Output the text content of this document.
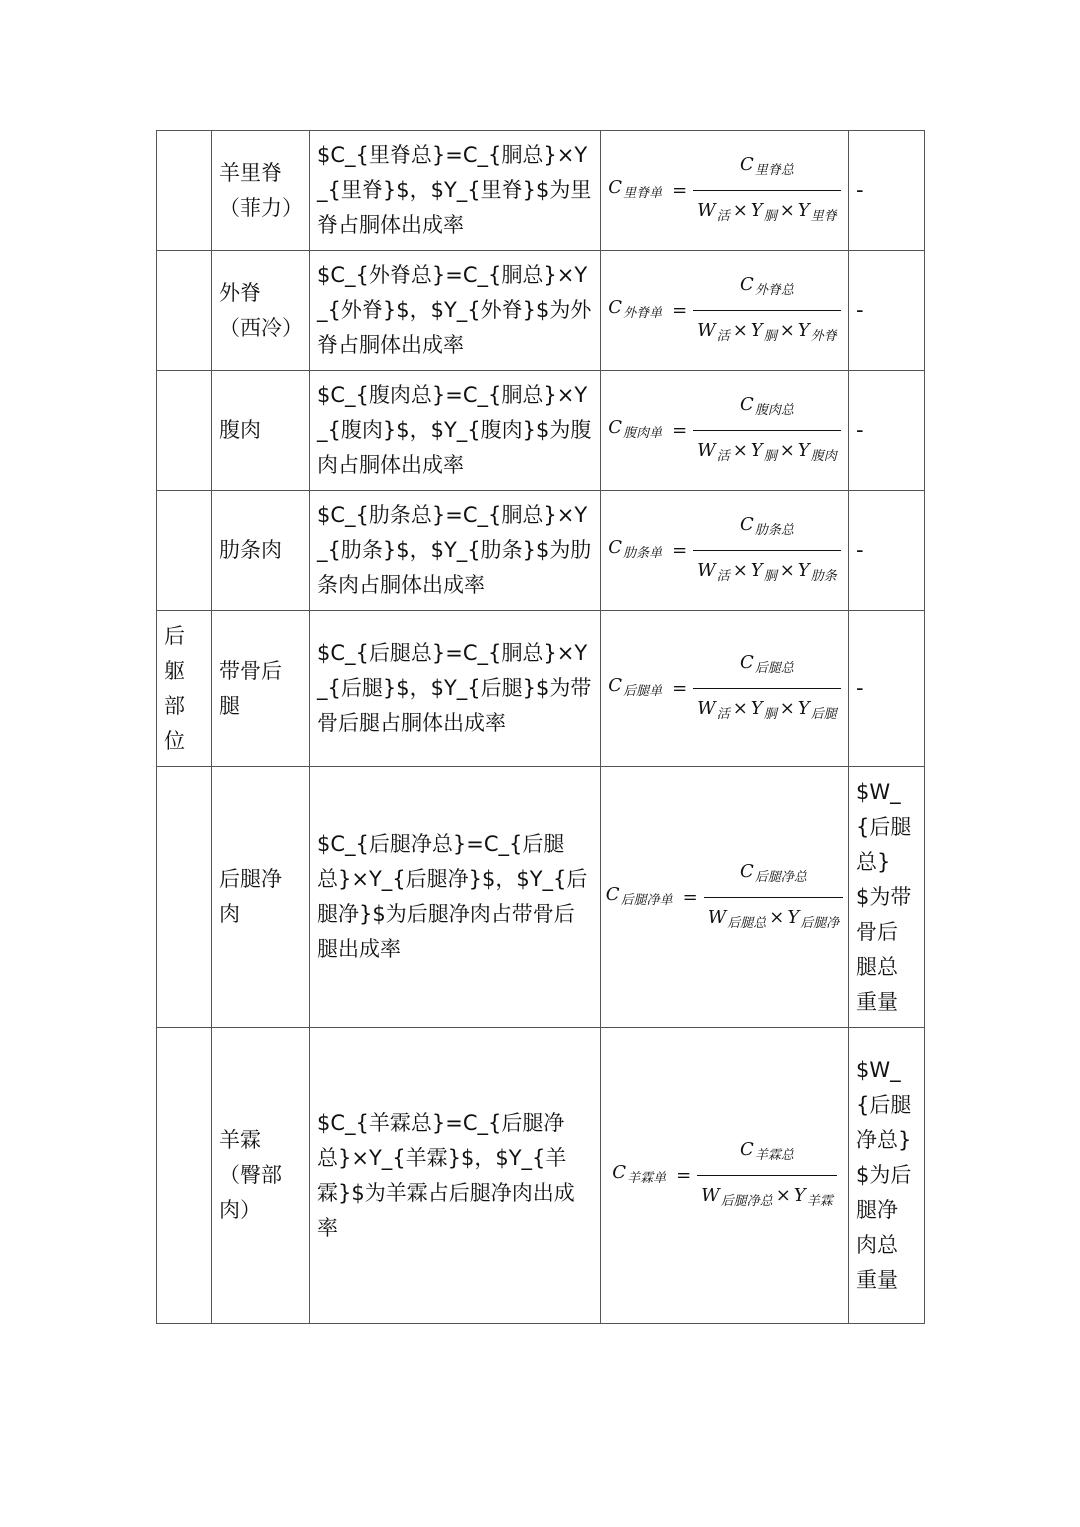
	羊里脊（菲力）	$C_{里脊总}=C_{胴总}×Y_{里脊}$，$Y_{里脊}$为里脊占胴体出成率	$C_{里脊单} = \frac{C_{里脊总}}{W_活 \times Y_胴 \times Y_{里脊}}$	-

	外脊（西冷）	$C_{外脊总}=C_{胴总}×Y_{外脊}$，$Y_{外脊}$为外脊占胴体出成率	$C_{外脊单} = \frac{C_{外脊总}}{W_活 \times Y_胴 \times Y_{外脊}}$	-

	腹肉	$C_{腹肉总}=C_{胴总}×Y_{腹肉}$，$Y_{腹肉}$为腹肉占胴体出成率	$C_{腹肉单} = \frac{C_{腹肉总}}{W_活 \times Y_胴 \times Y_{腹肉}}$	-

	肋条肉	$C_{肋条总}=C_{胴总}×Y_{肋条}$，$Y_{肋条}$为肋条肉占胴体出成率	$C_{肋条单} = \frac{C_{肋条总}}{W_活 \times Y_胴 \times Y_{肋条}}$	-

后躯部位	带骨后腿	$C_{后腿总}=C_{胴总}×Y_{后腿}$，$Y_{后腿}$为带骨后腿占胴体出成率	$C_{后腿单} = \frac{C_{后腿总}}{W_活 \times Y_胴 \times Y_{后腿}}$	-

	后腿净肉	$C_{后腿净总}=C_{后腿总}×Y_{后腿净}$，$Y_{后腿净}$为后腿净肉占带骨后腿出成率	$C_{后腿净单} = \frac{C_{后腿净总}}{W_{后腿总} \times Y_{后腿净}}$	$W_{后腿总}$为带骨后腿总重量

	羊霖（臀部肉）	$C_{羊霖总}=C_{后腿净总}×Y_{羊霖}$，$Y_{羊霖}$为羊霖占后腿净肉出成率	$C_{羊霖单} = \frac{C_{羊霖总}}{W_{后腿净总} \times Y_{羊霖}}$	$W_{后腿净总}$为后腿净肉总重量
